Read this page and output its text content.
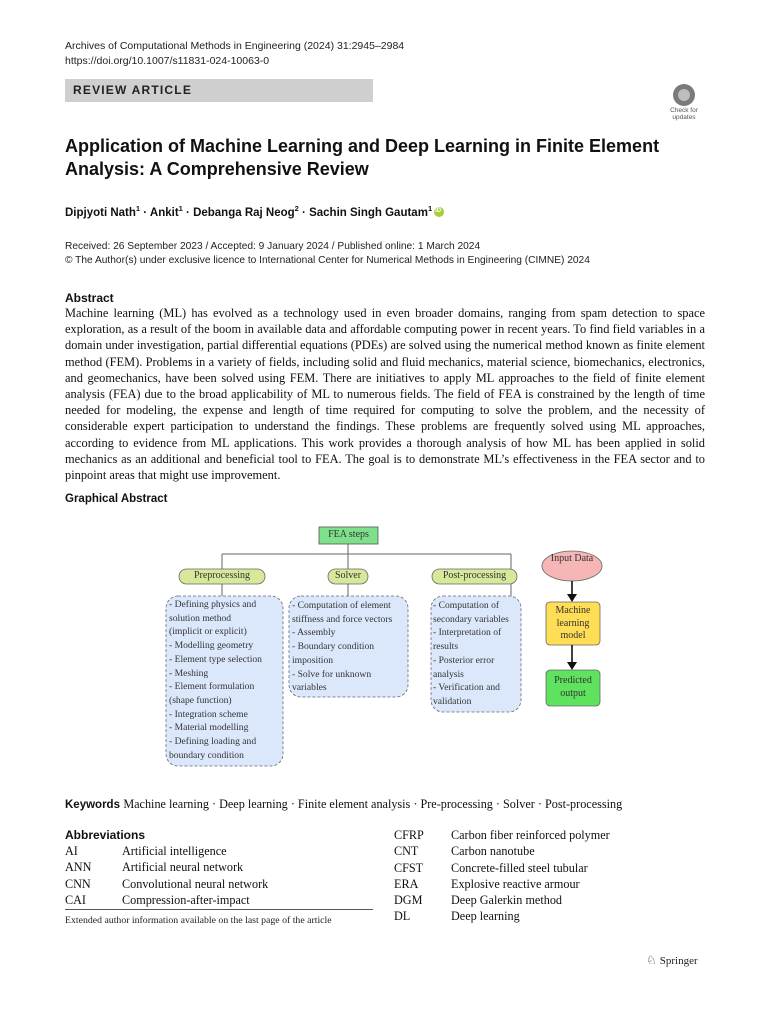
Archives of Computational Methods in Engineering (2024) 31:2945–2984
https://doi.org/10.1007/s11831-024-10063-0
REVIEW ARTICLE
Check for updates
Application of Machine Learning and Deep Learning in Finite Element Analysis: A Comprehensive Review
Dipjyoti Nath$^1$ · Ankit$^1$ · Debanga Raj Neog$^2$ · Sachin Singh Gautam$^1$iD
Received: 26 September 2023 / Accepted: 9 January 2024 / Published online: 1 March 2024
© The Author(s) under exclusive licence to International Center for Numerical Methods in Engineering (CIMNE) 2024
Abstract
Machine learning (ML) has evolved as a technology used in even broader domains, ranging from spam detection to space exploration, as a result of the boom in available data and affordable computing power in recent years. To find field variables in a domain under investigation, partial differential equations (PDEs) are solved using the numerical method known as finite element method (FEM). Problems in a variety of fields, including solid and fluid mechanics, material science, biomechanics, electronics, and geomechanics, have been solved using FEM. There are initiatives to apply ML approaches to the field of finite element analysis (FEA) due to the broad applicability of ML to numerous fields. The field of FEA is constrained by the length of time needed for modeling, the expense and length of time required for computing to solve the problem, and the necessity of considerable expert participation to understand the findings. These problems are frequently solved using ML approaches, according to evidence from ML applications. This work provides a thorough analysis of how ML has been applied in solid mechanics as an additional and beneficial tool to FEA. The goal is to demonstrate ML’s effectiveness in the FEA sector and to pinpoint areas that might use improvement.
Graphical Abstract
FEA steps
Preprocessing	Solver	Post-processing
- Defining physics and
solution method
(implicit or explicit)
- Modelling geometry
- Element type selection
- Meshing
- Element formulation
(shape function)
- Integration scheme
- Material modelling
- Defining loading and
boundary condition
- Computation of element
stiffness and force vectors
- Assembly
- Boundary condition
imposition
- Solve for unknown
variables
- Computation of
secondary variables
- Interpretation of
results
- Posterior error
analysis
- Verification and
validation
Input Data
Machine learning model
Predicted output
Keywords Machine learning · Deep learning · Finite element analysis · Pre-processing · Solver · Post-processing
Abbreviations
AI	Artificial intelligence
ANN	Artificial neural network
CNN	Convolutional neural network
CAI	Compression-after-impact
CFRP Carbon fiber reinforced polymer
CNT	Carbon nanotube
CFST Concrete-filled steel tubular
ERA	Explosive reactive armour
DGM Deep Galerkin method
DL	Deep learning
Extended author information available on the last page of the article
♘ Springer
